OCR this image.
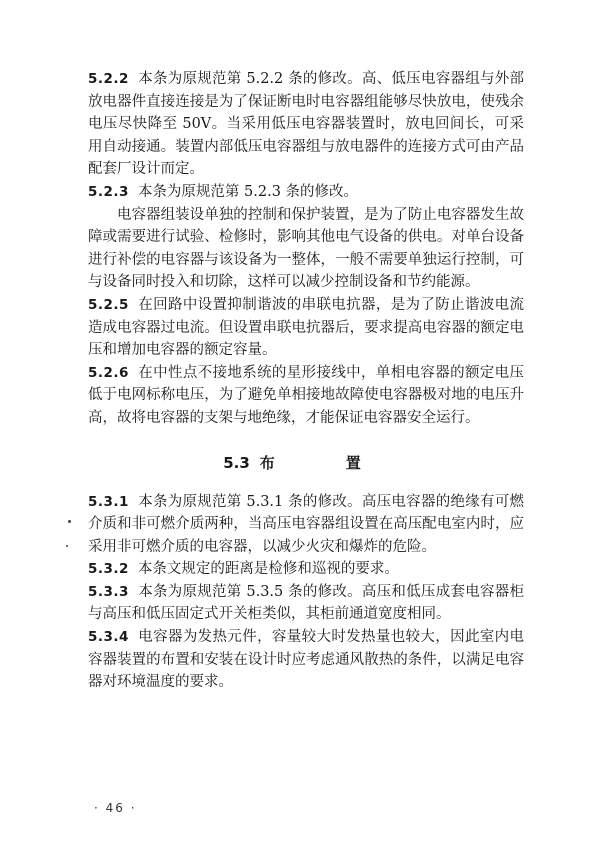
5.2.2 本条为原规范第 5.2.2 条的修改。高、低压电容器组与外部放电器件直接连接是为了保证断电时电容器组能够尽快放电，使残余电压尽快降至 50V。当采用低压电容器装置时，放电回间长，可采用自动接通。装置内部低压电容器组与放电器件的连接方式可由产品配套厂设计而定。

5.2.3 本条为原规范第 5.2.3 条的修改。

电容器组装设单独的控制和保护装置，是为了防止电容器发生故障或需要进行试验、检修时，影响其他电气设备的供电。对单台设备进行补偿的电容器与该设备为一整体，一般不需要单独运行控制，可与设备同时投入和切除，这样可以减少控制设备和节约能源。

5.2.5 在回路中设置抑制谐波的串联电抗器，是为了防止谐波电流造成电容器过电流。但设置串联电抗器后，要求提高电容器的额定电压和增加电容器的额定容量。

5.2.6 在中性点不接地系统的星形接线中，单相电容器的额定电压低于电网标称电压，为了避免单相接地故障使电容器极对地的电压升高，故将电容器的支架与地绝缘，才能保证电容器安全运行。

5.3 布　置

5.3.1 本条为原规范第 5.3.1 条的修改。高压电容器的绝缘有可燃介质和非可燃介质两种，当高压电容器组设置在高压配电室内时，应采用非可燃介质的电容器，以减少火灾和爆炸的危险。

5.3.2 本条文规定的距离是检修和巡视的要求。

5.3.3 本条为原规范第 5.3.5 条的修改。高压和低压成套电容器柜与高压和低压固定式开关柜类似，其柜前通道宽度相同。

5.3.4 电容器为发热元件，容量较大时发热量也较大，因此室内电容器装置的布置和安装在设计时应考虑通风散热的条件，以满足电容器对环境温度的要求。

· 46 ·
